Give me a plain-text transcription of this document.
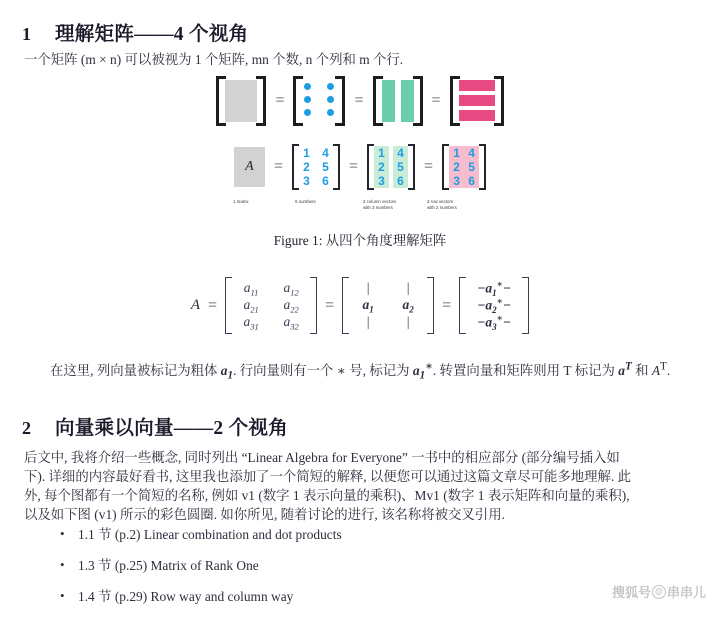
1	理解矩阵——4 个视角
一个矩阵 (m × n) 可以被视为 1 个矩阵, mn 个数, n 个列和 m 个行.
=	=	=
A	=
1	4
2	5
3	6
=
1	4
2	5
3	6
=
1 4
2 5
3 6
1 matrix	6 numbers	2 column vectors
with 3 numbers
3 row vectors
with 2 numbers
Figure 1: 从四个角度理解矩阵
A =
$a_{11}$ $a_{12}$
$a_{21}$ $a_{22}$
$a_{31}$ $a_{32}$
=
|	|
$a_1$ $a_2$
|	|
=
$-a_1^∗-$
$-a_2^∗-$
$-a_3^∗-$
在这里, 列向量被标记为粗体 $a_1$. 行向量则有一个 ∗ 号, 标记为 $a_1^∗$. 转置向量和矩阵则用 T 标记为 $a^T$ 和 $A^T$.
2	向量乘以向量——2 个视角
后文中, 我将介绍一些概念, 同时列出 “Linear Algebra for Everyone” 一书中的相应部分 (部分编号插入如
下). 详细的内容最好看书, 这里我也添加了一个简短的解释, 以便您可以通过这篇文章尽可能多地理解. 此
外, 每个图都有一个简短的名称, 例如 v1 (数字 1 表示向量的乘积)、Mv1 (数字 1 表示矩阵和向量的乘积),
以及如下图 (v1) 所示的彩色圆圈. 如你所见, 随着讨论的进行, 该名称将被交叉引用.
• 1.1 节 (p.2) Linear combination and dot products
• 1.3 节 (p.25) Matrix of Rank One
• 1.4 节 (p.29) Row way and column way	搜狐号 @ 串串儿
